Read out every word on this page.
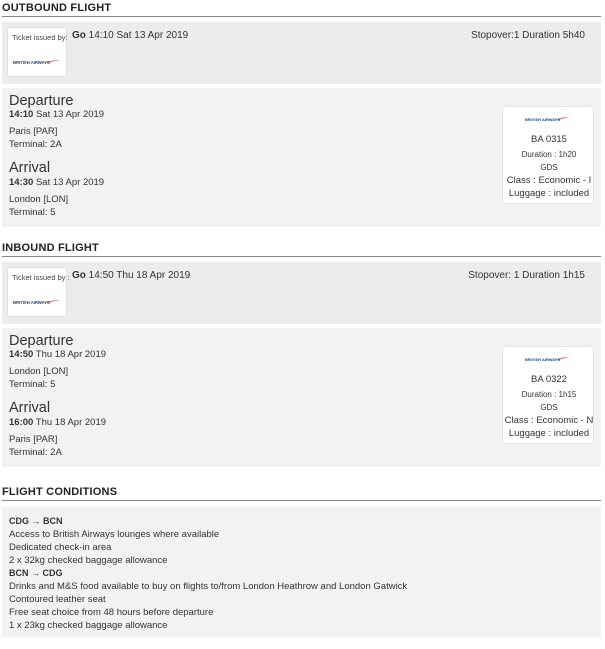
OUTBOUND FLIGHT
Ticket issued by:
BRITISH AIRWAYS
Go 14:10 Sat 13 Apr 2019	Stopover:1 Duration 5h40
Departure
14:10 Sat 13 Apr 2019
Paris [PAR]
Terminal: 2A
Arrival
14:30 Sat 13 Apr 2019
London [LON]
Terminal: 5
BRITISH AIRWAYS
BA 0315
Duration : 1h20
GDS
Class : Economic - I
Luggage : included
INBOUND FLIGHT
Ticket issued by :
BRITISH AIRWAYS
Go 14:50 Thu 18 Apr 2019	Stopover: 1 Duration 1h15
Departure
14:50 Thu 18 Apr 2019
London [LON]
Terminal: 5
Arrival
16:00 Thu 18 Apr 2019
Paris [PAR]
Terminal: 2A
BRITISH AIRWAYS
BA 0322
Duration : 1h15
GDS
Class : Economic - N
Luggage : included
FLIGHT CONDITIONS
CDG → BCN
Access to British Airways lounges where available
Dedicated check-in area
2 x 32kg checked baggage allowance
BCN → CDG
Drinks and M&S food available to buy on flights to/from London Heathrow and London Gatwick
Contoured leather seat
Free seat choice from 48 hours before departure
1 x 23kg checked baggage allowance
